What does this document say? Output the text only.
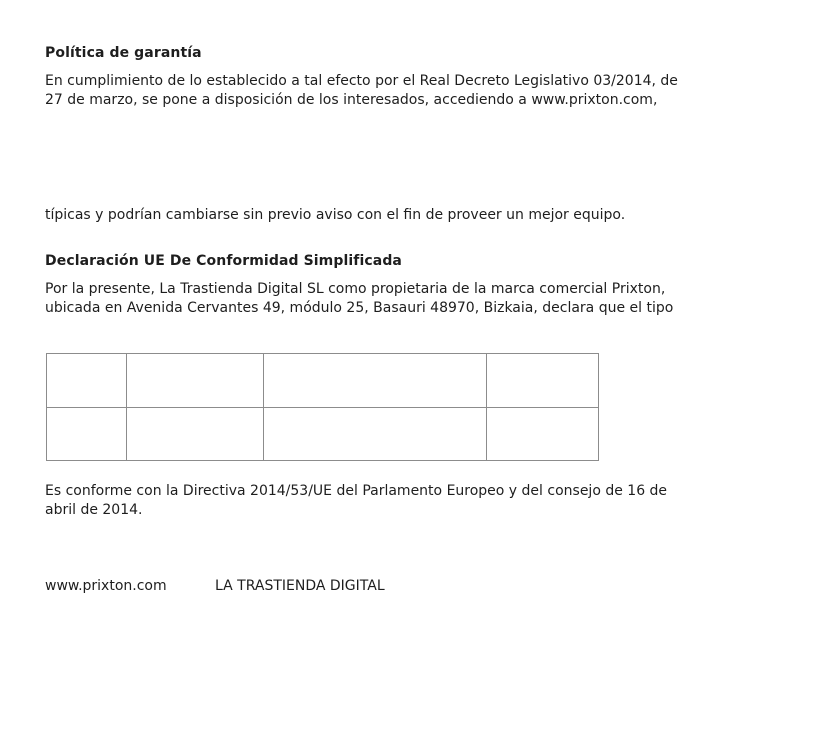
Política de garantía
En cumplimiento de lo establecido a tal efecto por el Real Decreto Legislativo 03/2014, de
27 de marzo, se pone a disposición de los interesados, accediendo a www.prixton.com,
típicas y podrían cambiarse sin previo aviso con el fin de proveer un mejor equipo.
Declaración UE De Conformidad Simplificada
Por la presente, La Trastienda Digital SL como propietaria de la marca comercial Prixton,
ubicada en Avenida Cervantes 49, módulo 25, Basauri 48970, Bizkaia, declara que el tipo

Es conforme con la Directiva 2014/53/UE del Parlamento Europeo y del consejo de 16 de
abril de 2014.
www.prixton.com	LA TRASTIENDA DIGITAL
